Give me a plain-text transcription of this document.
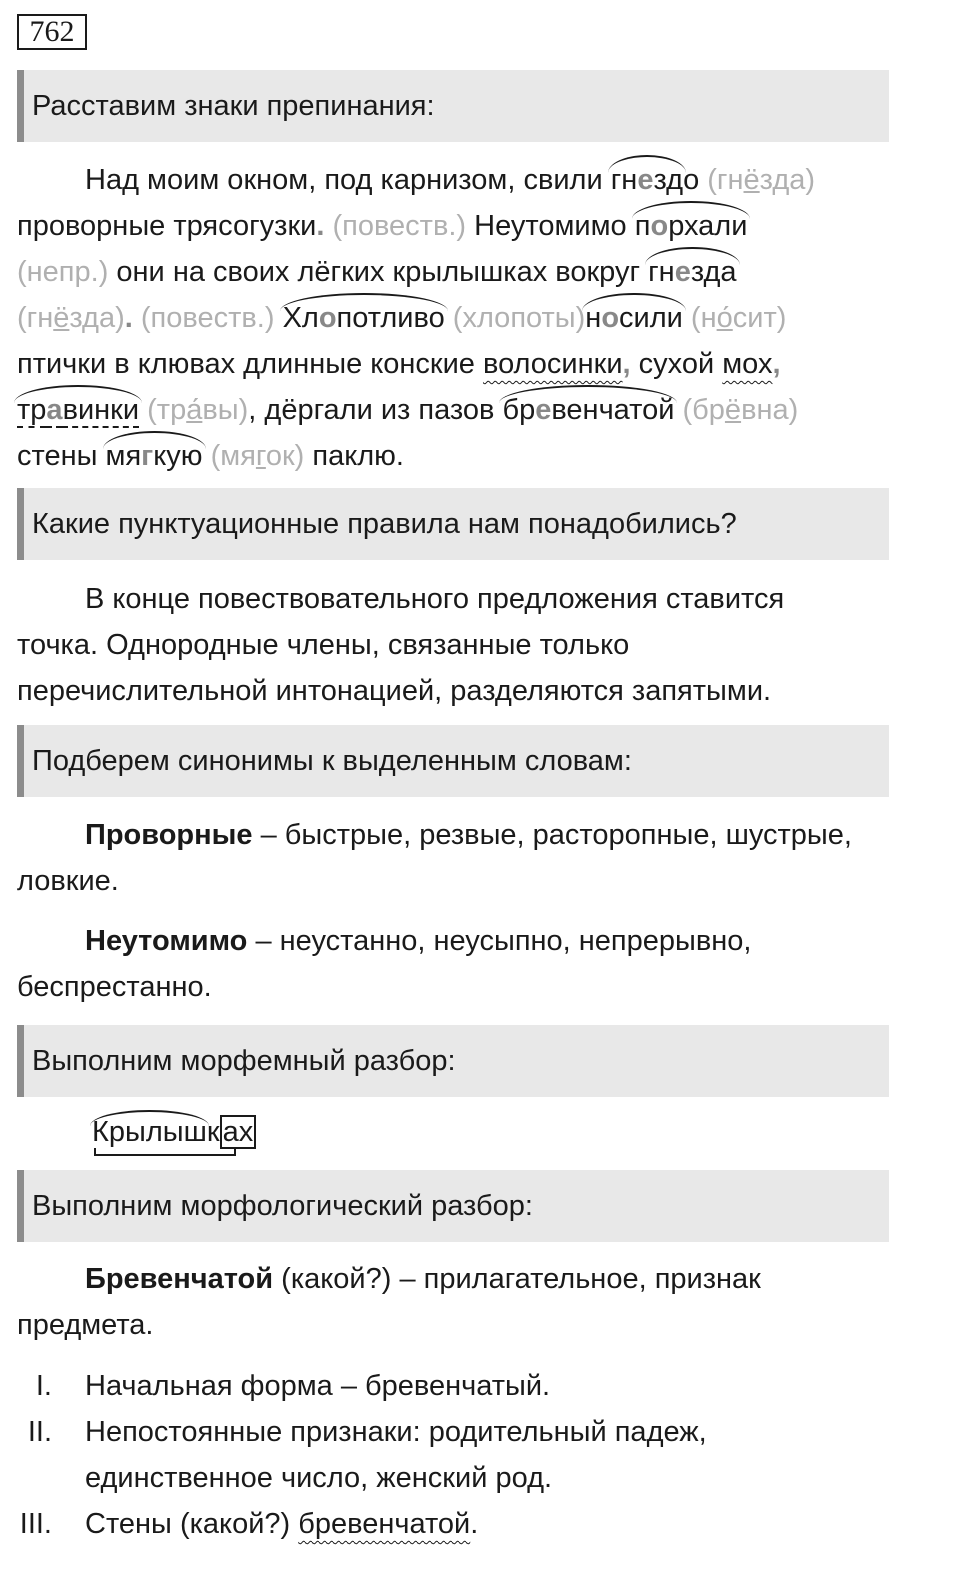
762
Расставим знаки препинания:
Над моим окном, под карнизом, свили гнездо (гнёзда)
проворные трясогузки. (повеств.) Неутомимо порхали
(непр.) они на своих лёгких крылышках вокруг гнезда
(гнёзда). (повеств.) Хлопотливо (хлопоты)носили (но́сит)
птички в клювах длинные конские волосинки, сухой мох,
травинки (тра́вы), дёргали из пазов бревенчатой (брёвна)
стены мягкую (мягок) паклю.
Какие пунктуационные правила нам понадобились?
В конце повествовательного предложения ставится
точка. Однородные члены, связанные только
перечислительной интонацией, разделяются запятыми.
Подберем синонимы к выделенным словам:
Проворные – быстрые, резвые, расторопные, шустрые,
ловкие.
Неутомимо – неустанно, неусыпно, непрерывно,
беспрестанно.
Выполним морфемный разбор:
Крылышк ах
Выполним морфологический разбор:
Бревенчатой (какой?) – прилагательное, признак
предмета.
I. Начальная форма – бревенчатый.
II. Непостоянные признаки: родительный падеж,
единственное число, женский род.
III. Стены (какой?) бревенчатой.
